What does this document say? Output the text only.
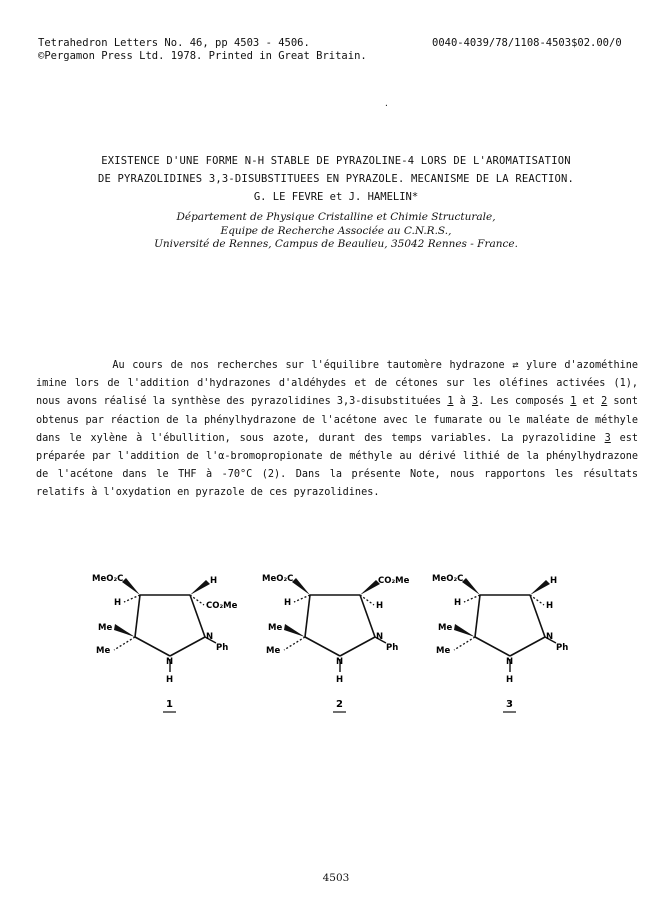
Tetrahedron Letters No. 46, pp 4503 - 4506.
©Pergamon Press Ltd. 1978. Printed in Great Britain.
0040-4039/78/1108-4503$02.00/0
·
EXISTENCE D'UNE FORME N-H STABLE DE PYRAZOLINE-4 LORS DE L'AROMATISATION
DE PYRAZOLIDINES 3,3-DISUBSTITUEES EN PYRAZOLE. MECANISME DE LA REACTION.
G. LE FEVRE et J. HAMELIN*
Département de Physique Cristalline et Chimie Structurale,
Equipe de Recherche Associée au C.N.R.S.,
Université de Rennes, Campus de Beaulieu, 35042 Rennes - France.

Au cours de nos recherches sur l'équilibre tautomère hydrazone ⇄ ylure d'azométhine imine lors de l'addition d'hydrazones d'aldéhydes et de cétones sur les oléfines activées (1), nous avons réalisé la synthèse des pyrazolidines 3,3-disubstituées 1 à 3. Les composés 1 et 2 sont obtenus par réaction de la phénylhydrazone de l'acétone avec le fumarate ou le maléate de méthyle dans le xylène à l'ébullition, sous azote, durant des temps variables. La pyrazolidine 3 est préparée par l'addition de l'α-bromopropionate de méthyle au dérivé lithié de la phénylhydrazone de l'acétone dans le THF à -70°C (2). Dans la présente Note, nous rapportons les résultats relatifs à l'oxydation en pyrazole de ces pyrazolidines.

MeO₂C	H
H	CO₂Me
Me
Me
N
Ph
N
H
1
MeO₂C	CO₂Me
H	H
Me
Me
N
Ph
N
H
2
MeO₂C	H
H	H
Me
Me
N
Ph
N
H
3
4503
